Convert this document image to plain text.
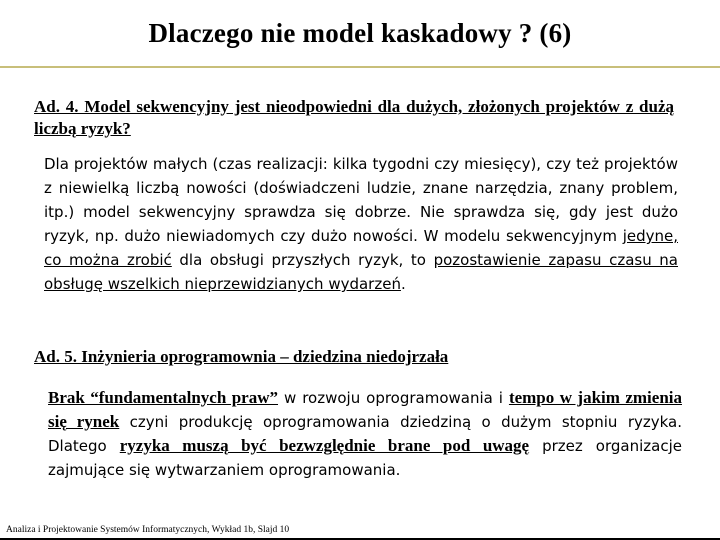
Dlaczego nie model kaskadowy ? (6)
Ad. 4. Model sekwencyjny jest nieodpowiedni dla dużych, złożonych projektów z dużą liczbą ryzyk?
Dla projektów małych (czas realizacji: kilka tygodni czy miesięcy), czy też projektów z niewielką liczbą nowości (doświadczeni ludzie, znane narzędzia, znany problem, itp.) model sekwencyjny sprawdza się dobrze. Nie sprawdza się, gdy jest dużo ryzyk, np. dużo niewiadomych czy dużo nowości. W modelu sekwencyjnym jedyne, co można zrobić dla obsługi przyszłych ryzyk, to pozostawienie zapasu czasu na obsługę wszelkich nieprzewidzianych wydarzeń.
Ad. 5. Inżynieria oprogramownia – dziedzina niedojrzała
Brak “fundamentalnych praw” w rozwoju oprogramowania i tempo w jakim zmienia się rynek czyni produkcję oprogramowania dziedziną o dużym stopniu ryzyka. Dlatego ryzyka muszą być bezwzględnie brane pod uwagę przez organizacje zajmujące się wytwarzaniem oprogramowania.
Analiza i Projektowanie Systemów Informatycznych, Wykład 1b, Slajd 10
